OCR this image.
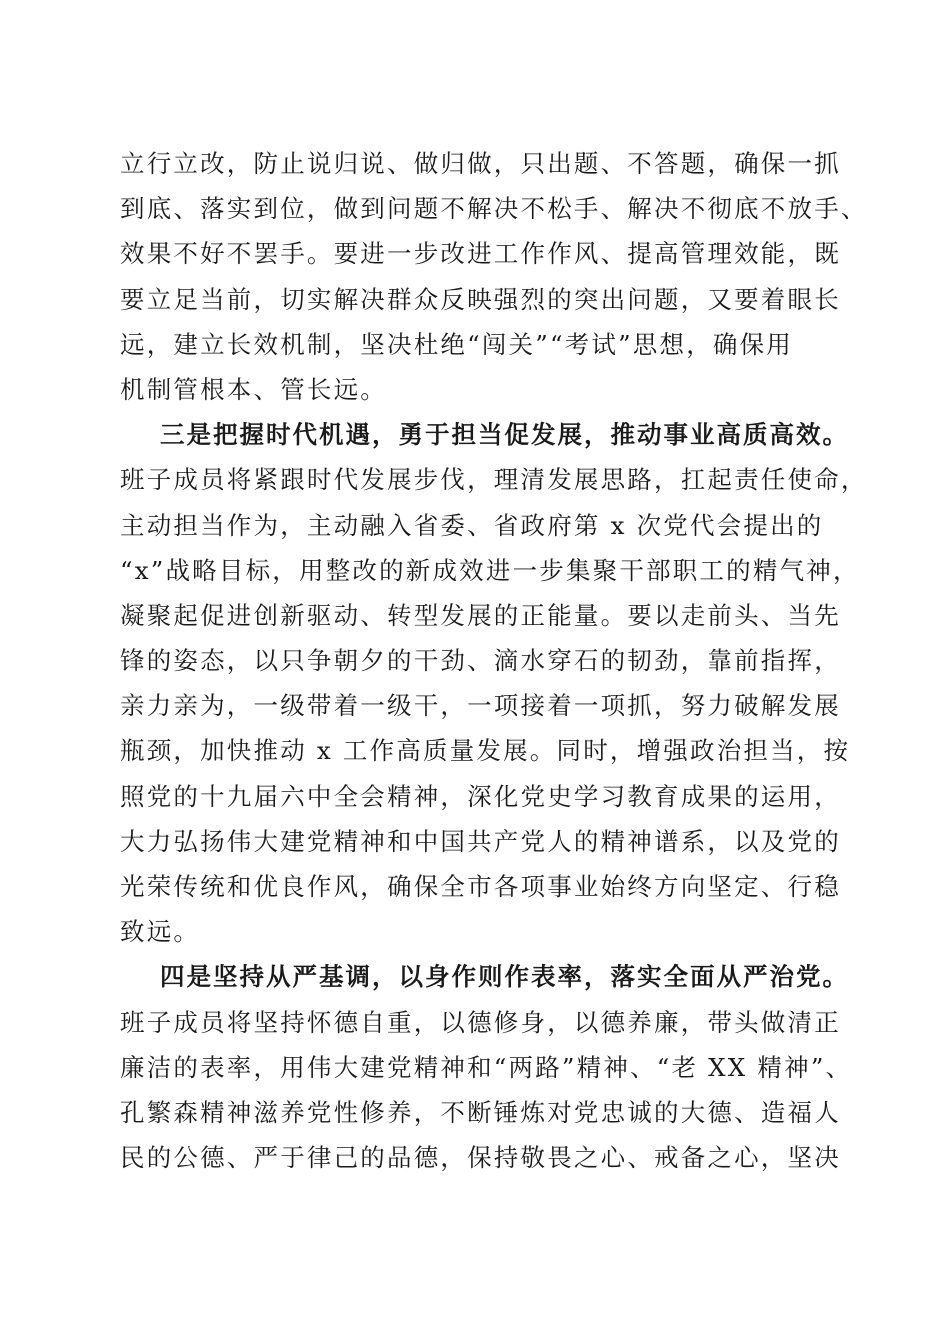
立行立改，防止说归说、做归做，只出题、不答题，确保一抓
到底、落实到位，做到问题不解决不松手、解决不彻底不放手、
效果不好不罢手。要进一步改进工作作风、提高管理效能，既
要立足当前，切实解决群众反映强烈的突出问题，又要着眼长
远，建立长效机制，坚决杜绝“闯关”“考试”思想，确保用
机制管根本、管长远。
三是把握时代机遇，勇于担当促发展，推动事业高质高效。
班子成员将紧跟时代发展步伐，理清发展思路，扛起责任使命，
主动担当作为，主动融入省委、省政府第 x 次党代会提出的
“x”战略目标，用整改的新成效进一步集聚干部职工的精气神，
凝聚起促进创新驱动、转型发展的正能量。要以走前头、当先
锋的姿态，以只争朝夕的干劲、滴水穿石的韧劲，靠前指挥，
亲力亲为，一级带着一级干，一项接着一项抓，努力破解发展
瓶颈，加快推动 x 工作高质量发展。同时，增强政治担当，按
照党的十九届六中全会精神，深化党史学习教育成果的运用，
大力弘扬伟大建党精神和中国共产党人的精神谱系，以及党的
光荣传统和优良作风，确保全市各项事业始终方向坚定、行稳
致远。
四是坚持从严基调，以身作则作表率，落实全面从严治党。
班子成员将坚持怀德自重，以德修身，以德养廉，带头做清正
廉洁的表率，用伟大建党精神和“两路”精神、“老 XX 精神”、
孔繁森精神滋养党性修养，不断锤炼对党忠诚的大德、造福人
民的公德、严于律己的品德，保持敬畏之心、戒备之心，坚决
